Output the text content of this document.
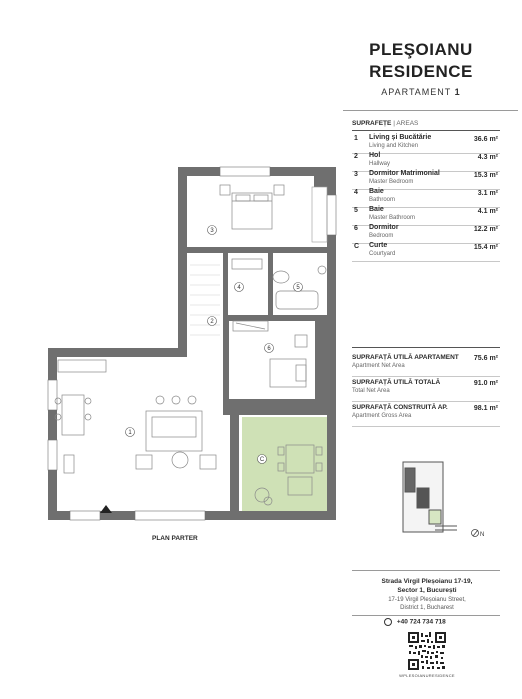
PLEŞOIANU
RESIDENCE
APARTAMENT 1
SUPRAFEȚE | AREAS
1 Living și Bucătărie
Living and Kitchen
36.6 m²
2 Hol
Hallway
4.3 m²
3 Dormitor Matrimonial
Master Bedroom
15.3 m²
4 Baie
Bathroom
3.1 m²
5 Baie
Master Bathroom
4.1 m²
6 Dormitor
Bedroom
12.2 m²
C Curte
Courtyard
15.4 m²
SUPRAFAȚĂ UTILĂ APARTAMENT
Apartment Net Area
75.6 m²
SUPRAFAȚĂ UTILĂ TOTALĂ
Total Net Area
91.0 m²
SUPRAFAȚĂ CONSTRUITĂ AP.
Apartment Gross Area
98.1 m²
N
Strada Virgil Pleșoianu 17-19,
Sector 1, București
17-19 Virgil Pleșoianu Street,
District 1, Bucharest
+40 724 734 718
WPLESOIANURESIDENCE
1
2
3
4	5
6
C
PLAN PARTER
